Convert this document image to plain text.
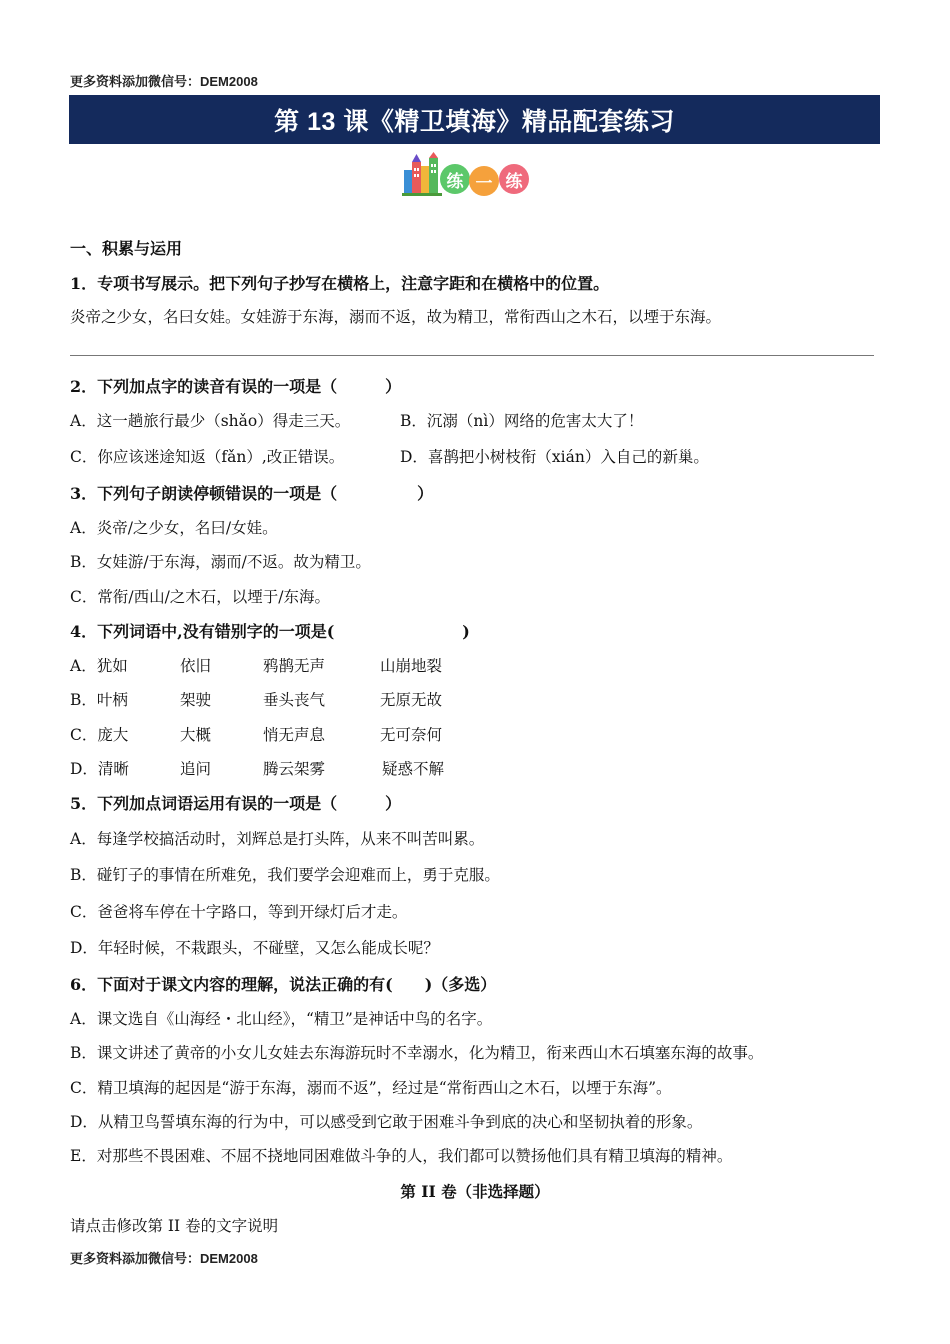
更多资料添加微信号：DEM2008
第 13 课《精卫填海》精品配套练习
练 一 练
一、积累与运用
1．专项书写展示。把下列句子抄写在横格上，注意字距和在横格中的位置。
炎帝之少女，名曰女娃。女娃游于东海，溺而不返，故为精卫，常衔西山之木石，以堙于东海。
2．下列加点字的读音有误的一项是（　　　）
A．这一趟旅行最少（shǎo）得走三天。	B．沉溺（nì）网络的危害太大了！
C．你应该迷途知返（fǎn）,改正错误。	D．喜鹊把小树枝衔（xián）入自己的新巢。
3．下列句子朗读停顿错误的一项是（　　　　　）
A．炎帝/之少女，名曰/女娃。
B．女娃游/于东海，溺而/不返。故为精卫。
C．常衔/西山/之木石，以堙于/东海。
4．下列词语中,没有错别字的一项是(　　　　　　　　)
A．犹如	依旧	鸦鹊无声	山崩地裂
B．叶柄	架驶	垂头丧气	无原无故
C．庞大	大概	悄无声息	无可奈何
D．清晰	追问	腾云架雾	疑惑不解
5．下列加点词语运用有误的一项是（　　　）
A．每逢学校搞活动时，刘辉总是打头阵，从来不叫苦叫累。
B．碰钉子的事情在所难免，我们要学会迎难而上，勇于克服。
C．爸爸将车停在十字路口，等到开绿灯后才走。
D．年轻时候，不栽跟头，不碰壁，又怎么能成长呢？
6．下面对于课文内容的理解，说法正确的有(　　)（多选）
A．课文选自《山海经・北山经》，“精卫”是神话中鸟的名字。
B．课文讲述了黄帝的小女儿女娃去东海游玩时不幸溺水，化为精卫，衔来西山木石填塞东海的故事。
C．精卫填海的起因是“游于东海，溺而不返”，经过是“常衔西山之木石，以堙于东海”。
D．从精卫鸟誓填东海的行为中，可以感受到它敢于困难斗争到底的决心和坚韧执着的形象。
E．对那些不畏困难、不屈不挠地同困难做斗争的人，我们都可以赞扬他们具有精卫填海的精神。
第 II 卷（非选择题）
请点击修改第 II 卷的文字说明
更多资料添加微信号：DEM2008
